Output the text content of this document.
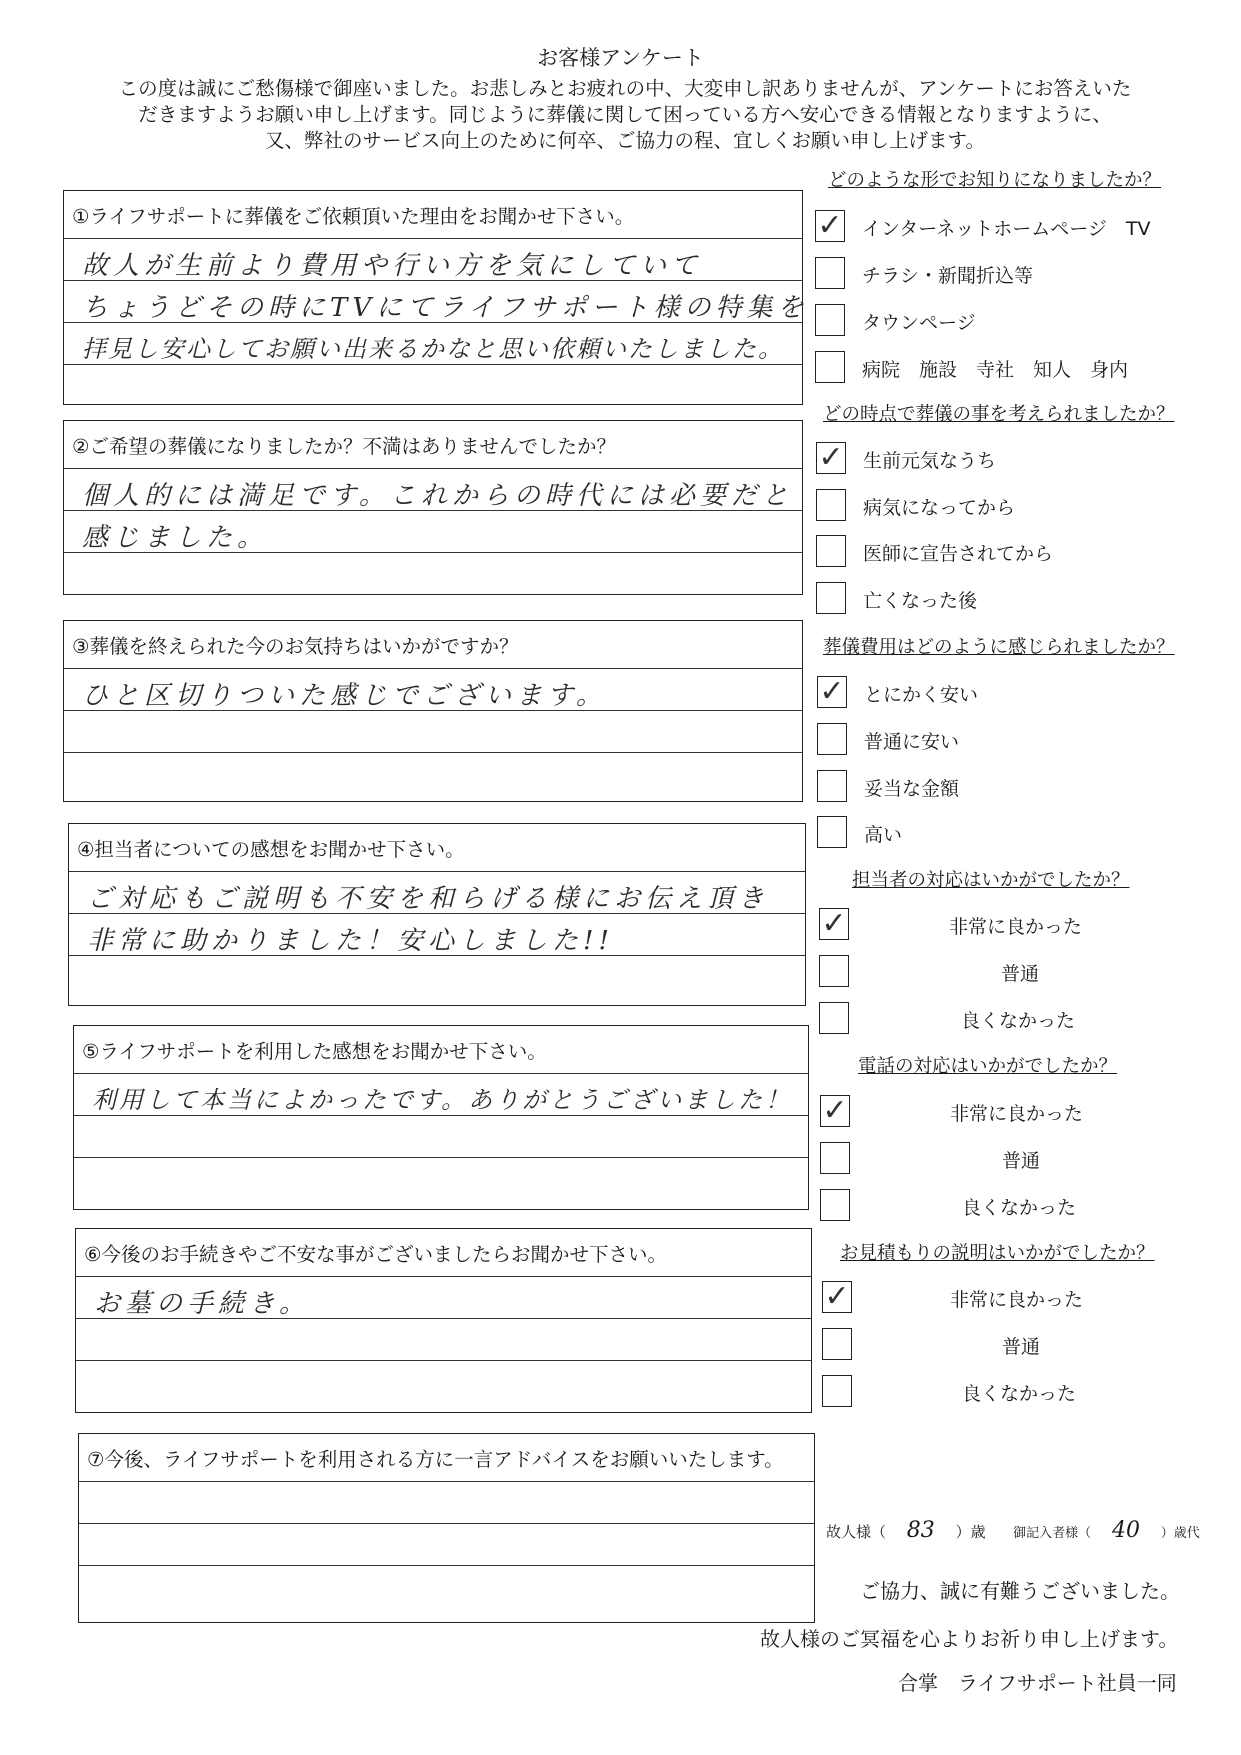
お客様アンケート
この度は誠にご愁傷様で御座いました。お悲しみとお疲れの中、大変申し訳ありませんが、アンケートにお答えいた
だきますようお願い申し上げます。同じように葬儀に関して困っている方へ安心できる情報となりますように、
又、弊社のサービス向上のために何卒、ご協力の程、宜しくお願い申し上げます。
①ライフサポートに葬儀をご依頼頂いた理由をお聞かせ下さい。
故人が生前より費用や行い方を気にしていて
ちょうどその時にTVにてライフサポート様の特集を
拝見し安心してお願い出来るかなと思い依頼いたしました。
②ご希望の葬儀になりましたか？不満はありませんでしたか？
個人的には満足です。これからの時代には必要だと
感じました。
③葬儀を終えられた今のお気持ちはいかがですか？
ひと区切りついた感じでございます。
④担当者についての感想をお聞かせ下さい。
ご対応もご説明も不安を和らげる様にお伝え頂き
非常に助かりました！安心しました!!
⑤ライフサポートを利用した感想をお聞かせ下さい。
利用して本当によかったです。ありがとうございました！
⑥今後のお手続きやご不安な事がございましたらお聞かせ下さい。
お墓の手続き。
⑦今後、ライフサポートを利用される方に一言アドバイスをお願いいたします。
どのような形でお知りになりましたか？
✓ インターネットホームページ　TV
チラシ・新聞折込等
タウンページ
病院　施設　寺社　知人　身内
どの時点で葬儀の事を考えられましたか？
✓ 生前元気なうち
病気になってから
医師に宣告されてから
亡くなった後
葬儀費用はどのように感じられましたか？
✓ とにかく安い
普通に安い
妥当な金額
高い
担当者の対応はいかがでしたか？
✓	非常に良かった
普通
良くなかった
電話の対応はいかがでしたか？
✓	非常に良かった
普通
良くなかった
お見積もりの説明はいかがでしたか？
✓	非常に良かった
普通
良くなかった
故人様（ 83 ）歳 御記入者様（ 40 ）歳代
ご協力、誠に有難うございました。
故人様のご冥福を心よりお祈り申し上げます。
合掌　ライフサポート社員一同
